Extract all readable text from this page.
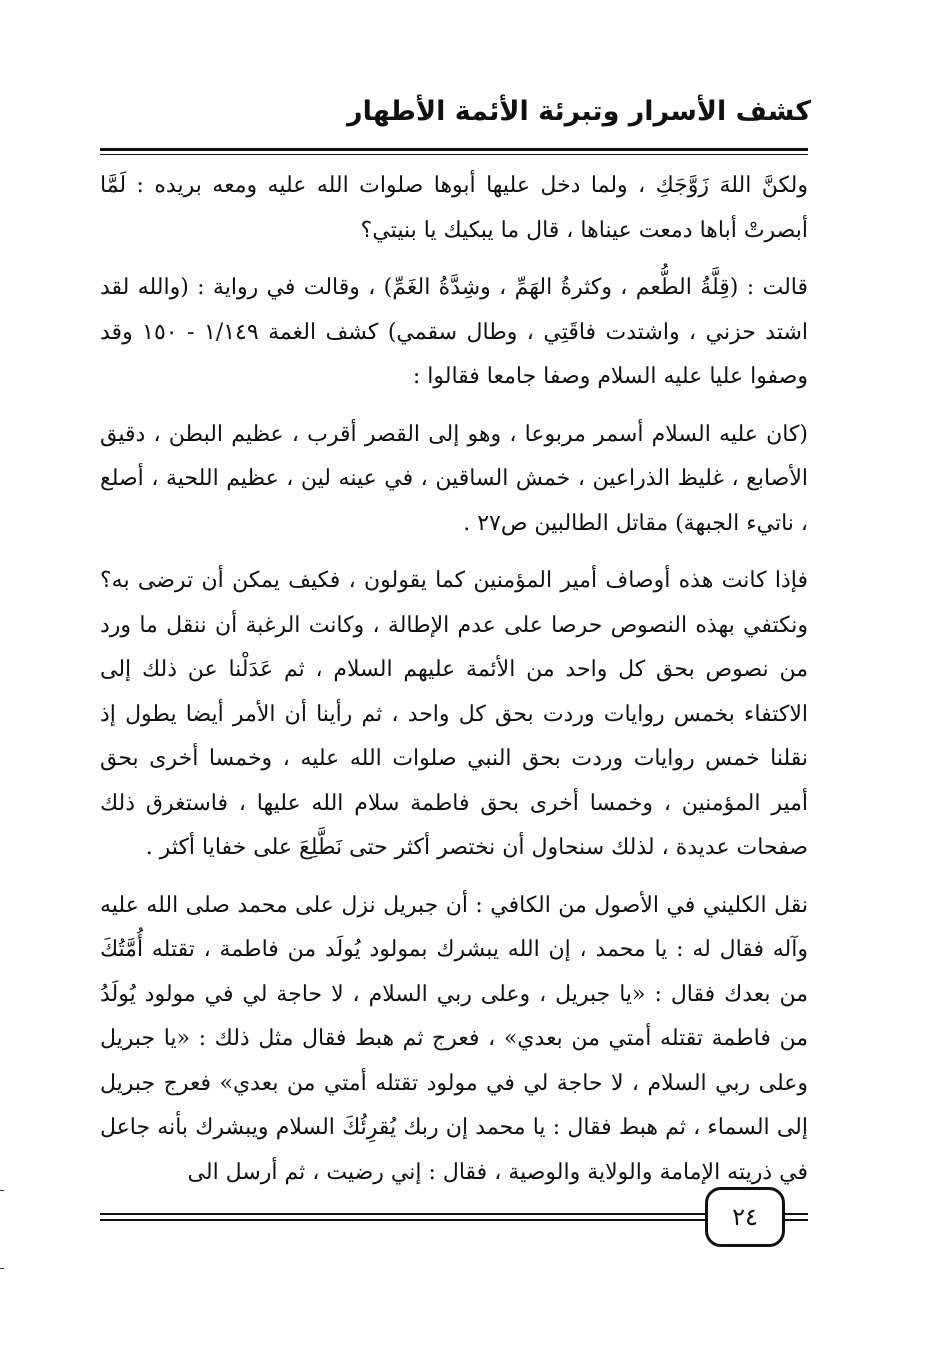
كشف الأسرار وتبرئة الأئمة الأطهار

ولكنَّ اللهَ زَوَّجَكِ ، ولما دخل عليها أبوها صلوات الله عليه ومعه بريده : لَمَّا أبصرتْ أباها دمعت عيناها ، قال ما يبكيك يا بنيتي؟

قالت : (قِلَّةُ الطُّعم ، وكثرةُ الهَمِّ ، وشِدَّةُ الغَمِّ) ، وقالت في رواية : (والله لقد اشتد حزني ، واشتدت فاقَتِي ، وطال سقمي) كشف الغمة ١/١٤٩ - ١٥٠ وقد وصفوا عليا عليه السلام وصفا جامعا فقالوا :

(كان عليه السلام أسمر مربوعا ، وهو إلى القصر أقرب ، عظيم البطن ، دقيق الأصابع ، غليظ الذراعين ، خمش الساقين ، في عينه لين ، عظيم اللحية ، أصلع ، ناتيء الجبهة) مقاتل الطالبين ص٢٧ .

فإذا كانت هذه أوصاف أمير المؤمنين كما يقولون ، فكيف يمكن أن ترضى به؟ ونكتفي بهذه النصوص حرصا على عدم الإطالة ، وكانت الرغبة أن ننقل ما ورد من نصوص بحق كل واحد من الأئمة عليهم السلام ، ثم عَدَلْنا عن ذلك إلى الاكتفاء بخمس روايات وردت بحق كل واحد ، ثم رأينا أن الأمر أيضا يطول إذ نقلنا خمس روايات وردت بحق النبي صلوات الله عليه ، وخمسا أخرى بحق أمير المؤمنين ، وخمسا أخرى بحق فاطمة سلام الله عليها ، فاستغرق ذلك صفحات عديدة ، لذلك سنحاول أن نختصر أكثر حتى نَطَّلِعَ على خفايا أكثر .

نقل الكليني في الأصول من الكافي : أن جبريل نزل على محمد صلى الله عليه وآله فقال له : يا محمد ، إن الله يبشرك بمولود يُولَد من فاطمة ، تقتله أُمَّتُكَ من بعدك فقال : «يا جبريل ، وعلى ربي السلام ، لا حاجة لي في مولود يُولَدُ من فاطمة تقتله أمتي من بعدي» ، فعرج ثم هبط فقال مثل ذلك : «يا جبريل وعلى ربي السلام ، لا حاجة لي في مولود تقتله أمتي من بعدي» فعرج جبريل إلى السماء ، ثم هبط فقال : يا محمد إن ربك يُقرِئُكَ السلام ويبشرك بأنه جاعل في ذريته الإمامة والولاية والوصية ، فقال : إني رضيت ، ثم أرسل الى

٢٤
